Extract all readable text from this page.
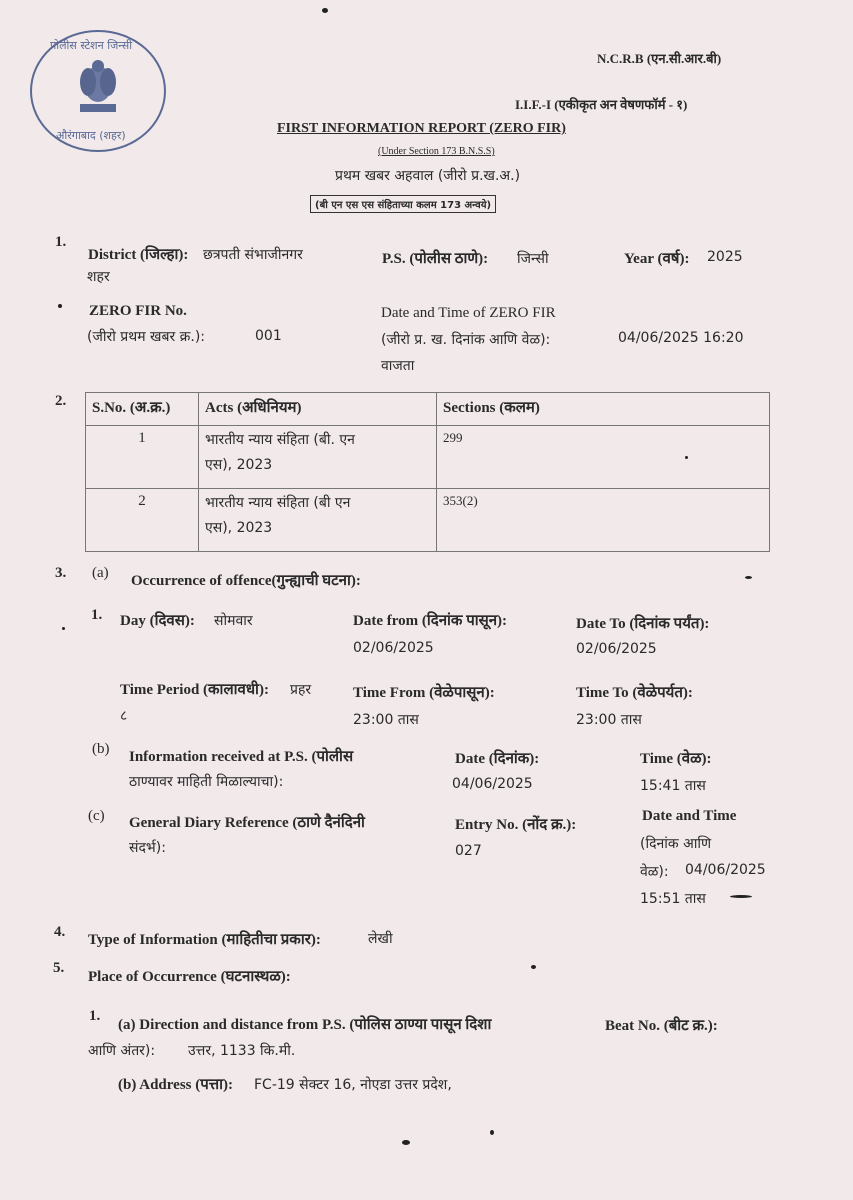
पोलीस स्टेशन जिन्सी
औरंगाबाद (शहर)
N.C.R.B (एन.सी.आर.बी)
I.I.F.-I (एकीकृत अन वेषणफॉर्म - १)
FIRST INFORMATION REPORT (ZERO FIR)
(Under Section 173 B.N.S.S)
प्रथम खबर अहवाल (जीरो प्र.ख.अ.)
(बी एन एस एस संहिताच्या कलम 173 अन्वये)
1.
District (जिल्हा): छत्रपती संभाजीनगर
शहर
P.S. (पोलीस ठाणे): जिन्सी	Year (वर्ष): 2025
ZERO FIR No.
(जीरो प्रथम खबर क्र.):	001
Date and Time of ZERO FIR
(जीरो प्र. ख. दिनांक आणि वेळ):	04/06/2025 16:20
वाजता
2. S.No. (अ.क्र.)	Acts (अधिनियम)	Sections (कलम)
1	भारतीय न्याय संहिता (बी. एन
एस), 2023	299
2	भारतीय न्याय संहिता (बी एन
एस), 2023	353(2)
3. (a) Occurrence of offence(गुन्ह्याची घटना):
1. Day (दिवस): सोमवार	Date from (दिनांक पासून):
02/06/2025
Date To (दिनांक पर्यंत):
02/06/2025
Time Period (कालावधी): प्रहर
८
Time From (वेळेपासून):
23:00 तास
Time To (वेळेपर्यत):
23:00 तास
(b) Information received at P.S. (पोलीस
ठाण्यावर माहिती मिळाल्याचा):
Date (दिनांक):
04/06/2025
Time (वेळ):
15:41 तास
(c) General Diary Reference (ठाणे दैनंदिनी
संदर्भ):
Entry No. (नोंद क्र.):
027
Date and Time
(दिनांक आणि
वेळ): 04/06/2025
15:51 तास
4. Type of Information (माहितीचा प्रकार):	लेखी
5.
Place of Occurrence (घटनास्थळ):
1.
(a) Direction and distance from P.S. (पोलिस ठाण्या पासून दिशा
आणि अंतर): उत्तर, 1133 कि.मी.
Beat No. (बीट क्र.):
(b) Address (पत्ता): FC-19 सेक्टर 16, नोएडा उत्तर प्रदेश,
